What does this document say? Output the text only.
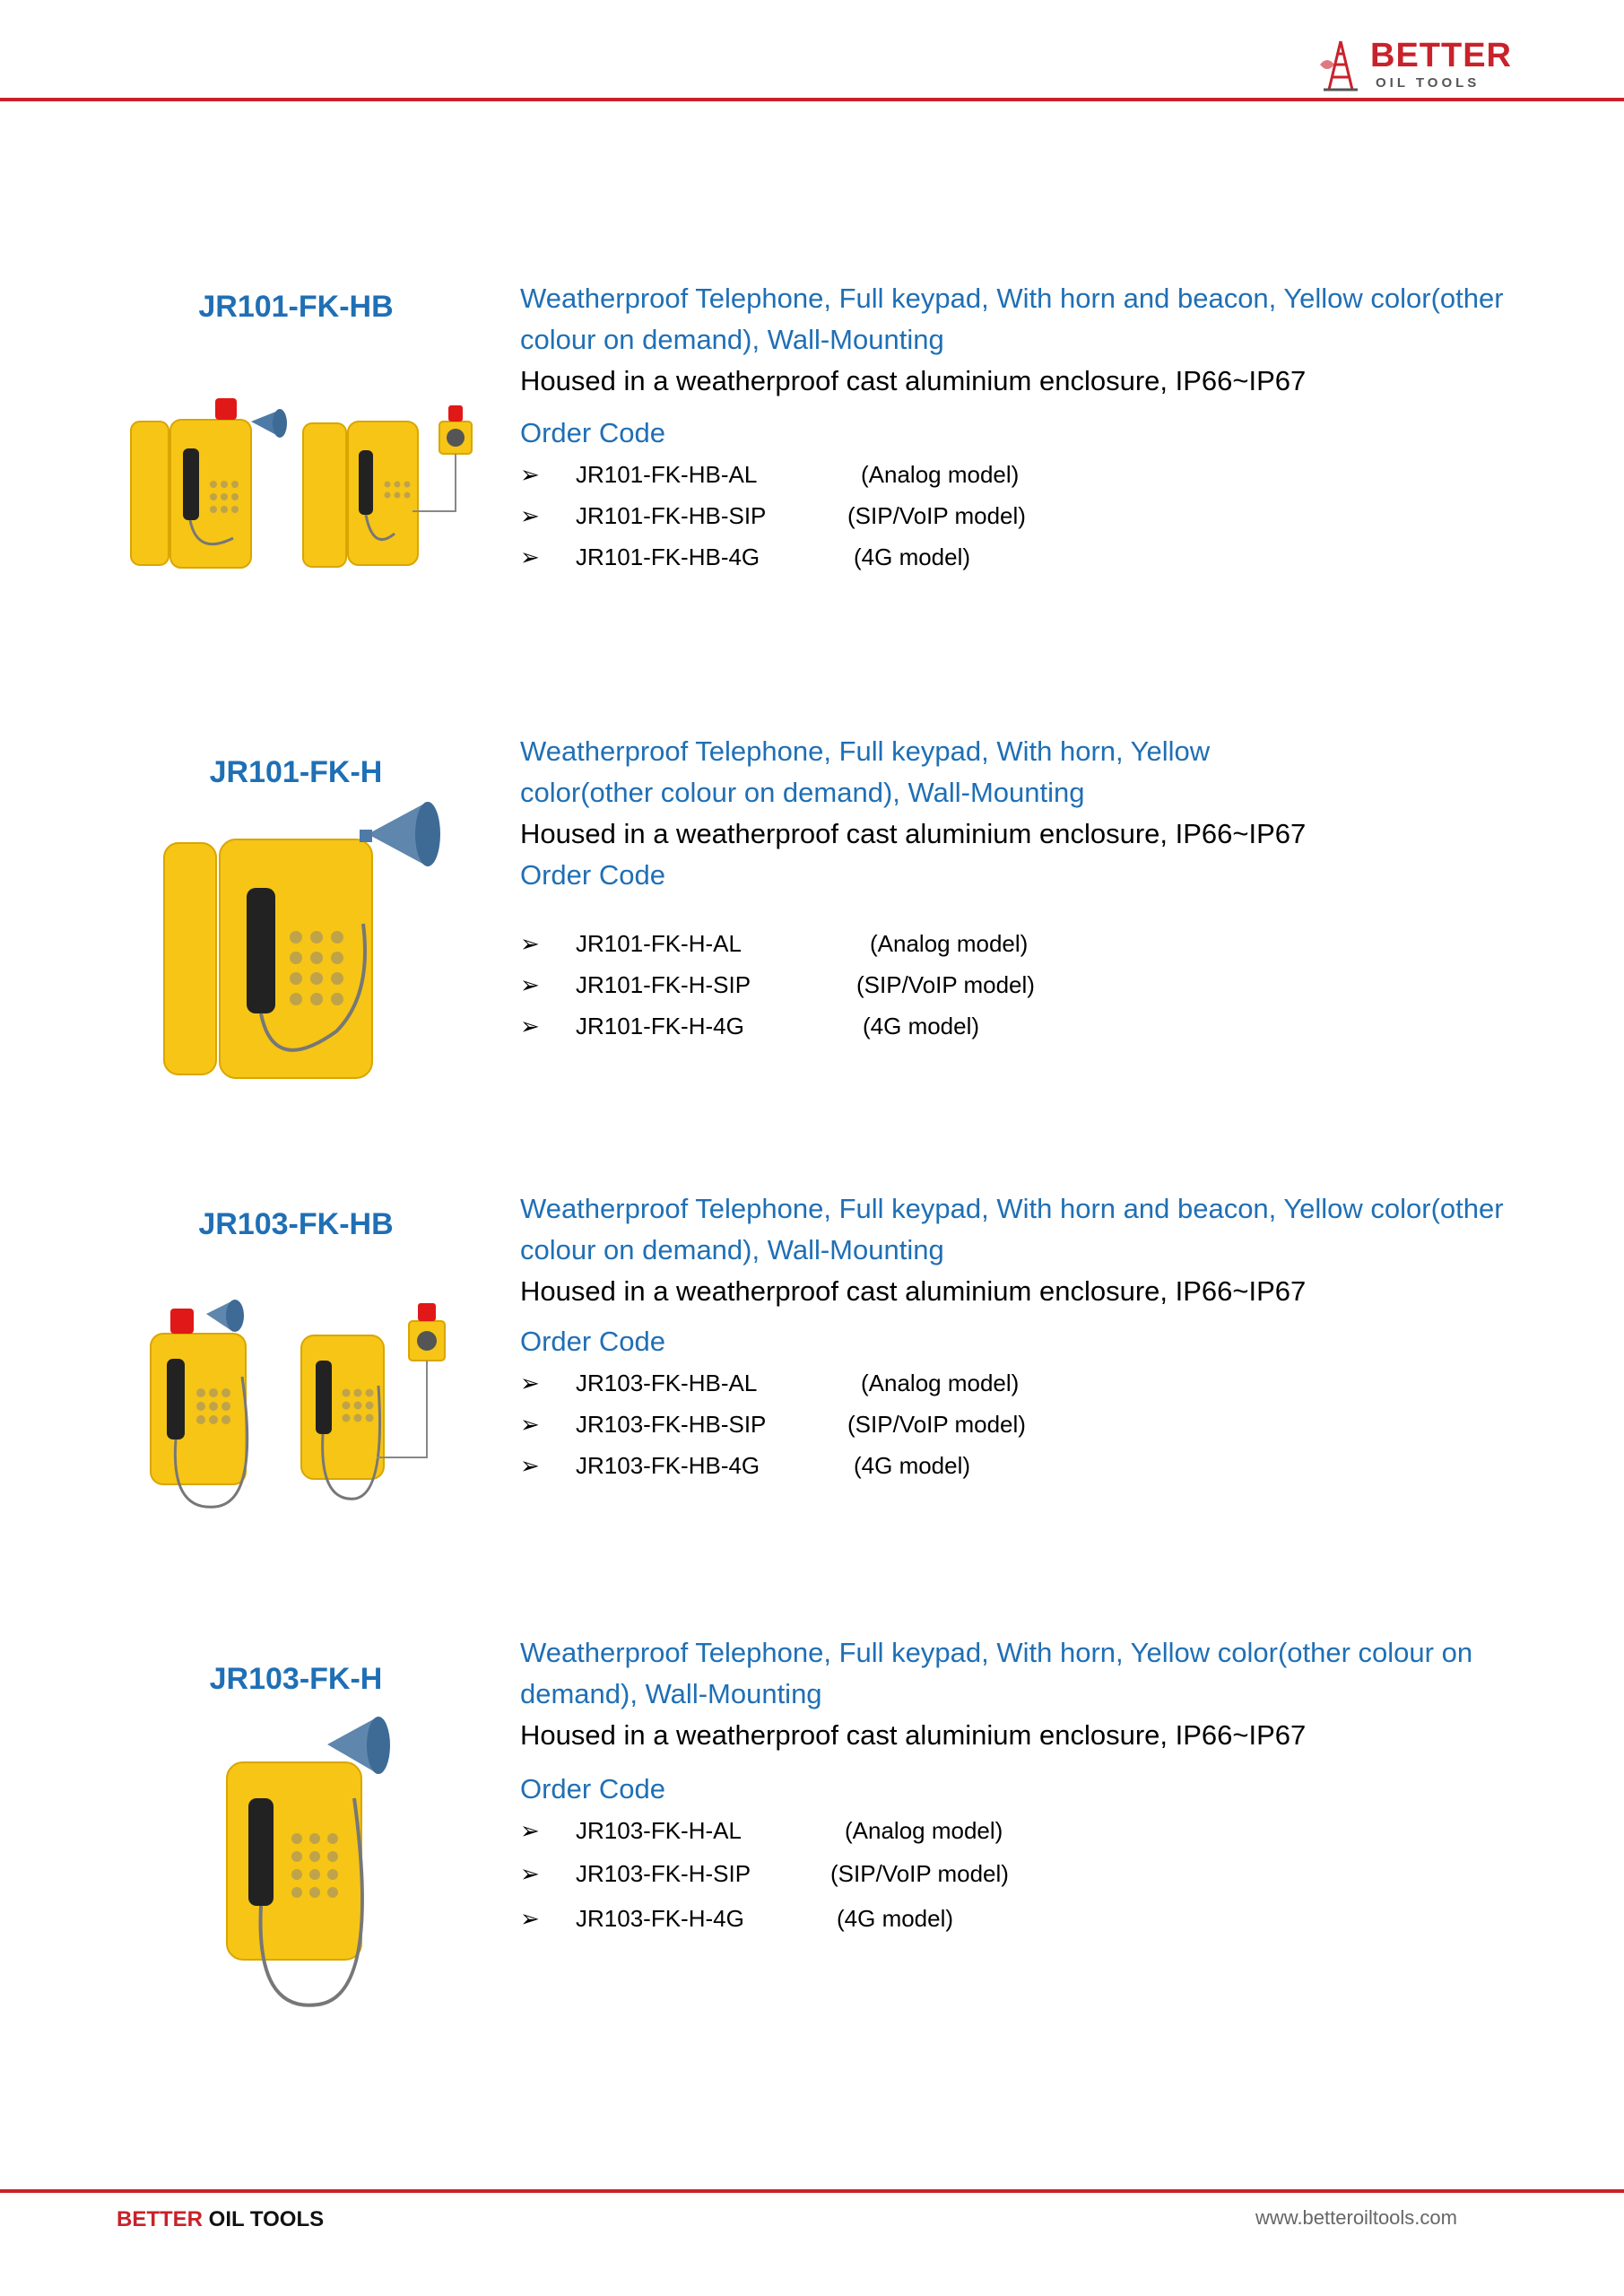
BETTER
OIL TOOLS
JR101-FK-HB	Weatherproof Telephone, Full keypad, With horn and beacon, Yellow color(other colour on demand), Wall-Mounting
Housed in a weatherproof cast aluminium enclosure, IP66~IP67
Order Code
➢ JR101-FK-HB-AL	(Analog model)
➢ JR101-FK-HB-SIP	(SIP/VoIP model)
➢ JR101-FK-HB-4G	(4G model)
JR101-FK-H
Weatherproof Telephone, Full keypad, With horn, Yellow color(other colour on demand), Wall-Mounting
Housed in a weatherproof cast aluminium enclosure, IP66~IP67
Order Code
➢ JR101-FK-H-AL	(Analog model)
➢ JR101-FK-H-SIP	(SIP/VoIP model)
➢ JR101-FK-H-4G	(4G model)
JR103-FK-HB	Weatherproof Telephone, Full keypad, With horn and beacon, Yellow color(other colour on demand), Wall-Mounting
Housed in a weatherproof cast aluminium enclosure, IP66~IP67
Order Code
➢ JR103-FK-HB-AL	(Analog model)
➢ JR103-FK-HB-SIP	(SIP/VoIP model)
➢ JR103-FK-HB-4G	(4G model)
JR103-FK-H
Weatherproof Telephone, Full keypad, With horn, Yellow color(other colour on demand), Wall-Mounting
Housed in a weatherproof cast aluminium enclosure, IP66~IP67
Order Code
➢ JR103-FK-H-AL	(Analog model)
➢ JR103-FK-H-SIP	(SIP/VoIP model)
➢ JR103-FK-H-4G	(4G model)
BETTER OIL TOOLS	www.betteroiltools.com
